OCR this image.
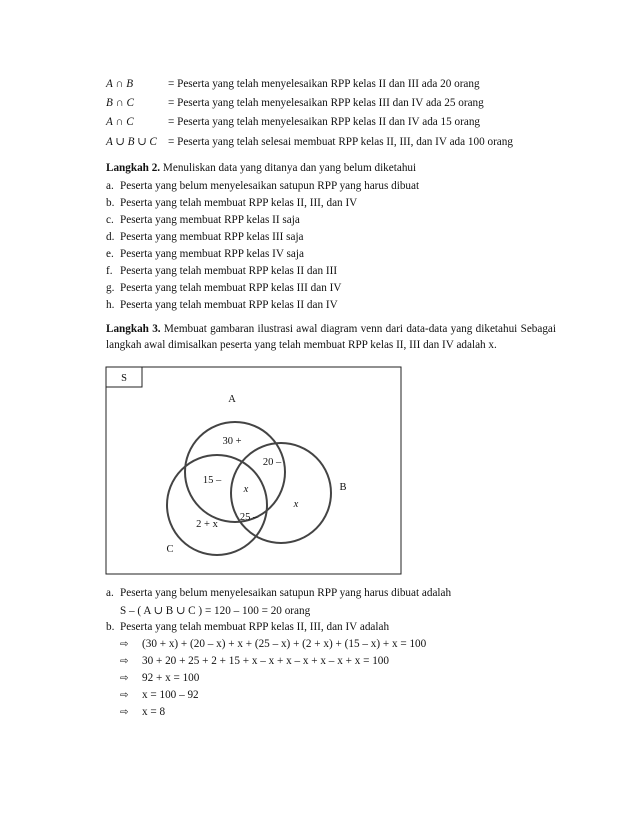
A ∩ B	= Peserta yang telah menyelesaikan RPP kelas II dan III ada 20 orang
B ∩ C	= Peserta yang telah menyelesaikan RPP kelas III dan IV ada 25 orang
A ∩ C	= Peserta yang telah menyelesaikan RPP kelas II dan IV ada 15 orang
A ∪ B ∪ C = Peserta yang telah selesai membuat RPP kelas II, III, dan IV ada 100 orang
Langkah 2. Menuliskan data yang ditanya dan yang belum diketahui
a. Peserta yang belum menyelesaikan satupun RPP yang harus dibuat
b. Peserta yang telah membuat RPP kelas II, III, dan IV
c. Peserta yang membuat RPP kelas II saja
d. Peserta yang membuat RPP kelas III saja
e. Peserta yang membuat RPP kelas IV saja
f. Peserta yang telah membuat RPP kelas II dan III
g. Peserta yang telah membuat RPP kelas III dan IV
h. Peserta yang telah membuat RPP kelas II dan IV
Langkah 3. Membuat gambaran ilustrasi awal diagram venn dari data-data yang diketahui Sebagai langkah awal dimisalkan peserta yang telah membuat RPP kelas II, III dan IV adalah x.
S
A
B
C
30 +
20 –
15 –
x
x
25 –
2 + x
a. Peserta yang belum menyelesaikan satupun RPP yang harus dibuat adalah
S – ( A ∪ B ∪ C ) = 120 – 100 = 20 orang
b. Peserta yang telah membuat RPP kelas II, III, dan IV adalah
⇨ (30 + x) + (20 – x) + x + (25 – x) + (2 + x) + (15 – x) + x = 100
⇨ 30 + 20 + 25 + 2 + 15 + x – x + x – x + x – x + x = 100
⇨ 92 + x = 100
⇨ x = 100 – 92
⇨ x = 8
